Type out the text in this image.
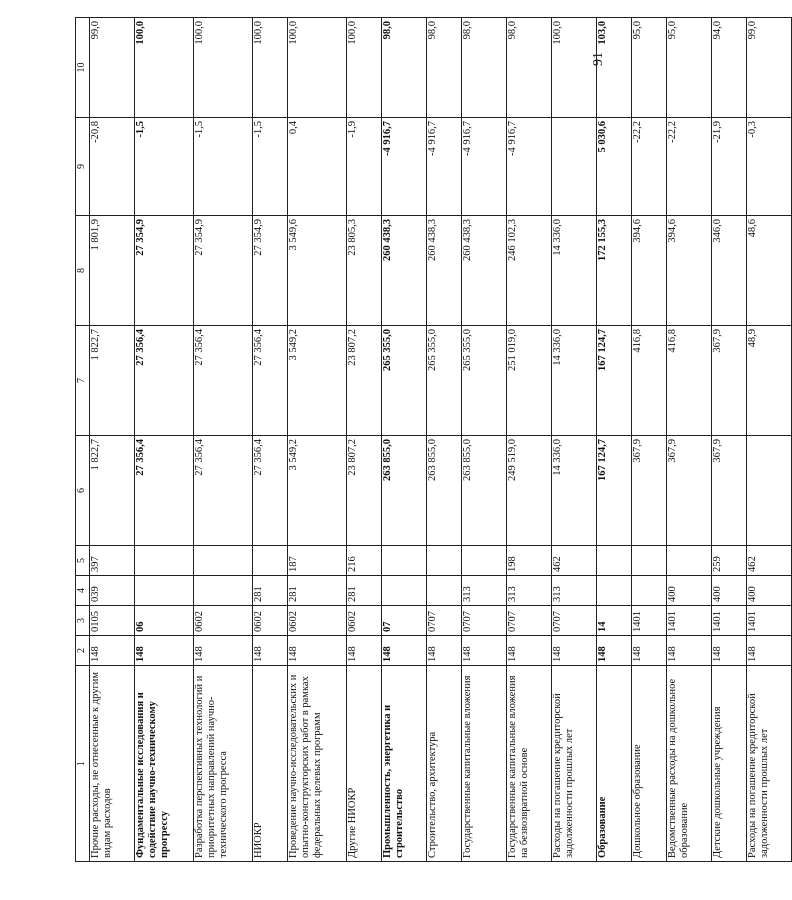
91
1	2	3	4	5	6	7	8	9	10
Прочие расходы, не отнесенные к другим видам расходов	148	0105	039	397	1 822,7	1 822,7	1 801,9	-20,8	99,0
Фундаментальные исследования и содействие научно-техническому прогрессу	148	06			27 356,4	27 356,4	27 354,9	-1,5	100,0
Разработка перспективных технологий и приоритетных направлений научно-технического прогресса	148	0602			27 356,4	27 356,4	27 354,9	-1,5	100,0
НИОКР	148	0602	281		27 356,4	27 356,4	27 354,9	-1,5	100,0
Проведение научно-исследовательских и опытно-конструкторских работ в рамках федеральных целевых программ	148	0602	281	187	3 549,2	3 549,2	3 549,6	0,4	100,0
Другие НИОКР	148	0602	281	216	23 807,2	23 807,2	23 805,3	-1,9	100,0
Промышленность, энергетика и строительство	148	07			263 855,0	265 355,0	260 438,3	-4 916,7	98,0
Строительство, архитектура	148	0707			263 855,0	265 355,0	260 438,3	-4 916,7	98,0
Государственные капитальные вложения	148	0707	313		263 855,0	265 355,0	260 438,3	-4 916,7	98,0
Государственные капитальные вложения на безвозвратной основе	148	0707	313	198	249 519,0	251 019,0	246 102,3	-4 916,7	98,0
Расходы на погашение кредиторской задолженности прошлых лет	148	0707	313	462	14 336,0	14 336,0	14 336,0		100,0
Образование	148	14			167 124,7	167 124,7	172 155,3	5 030,6	103,0
Дошкольное образование	148	1401			367,9	416,8	394,6	-22,2	95,0
Ведомственные расходы на дошкольное образование	148	1401	400		367,9	416,8	394,6	-22,2	95,0
Детские дошкольные учреждения	148	1401	400	259	367,9	367,9	346,0	-21,9	94,0
Расходы на погашение кредиторской задолженности прошлых лет	148	1401	400	462		48,9	48,6	-0,3	99,0
